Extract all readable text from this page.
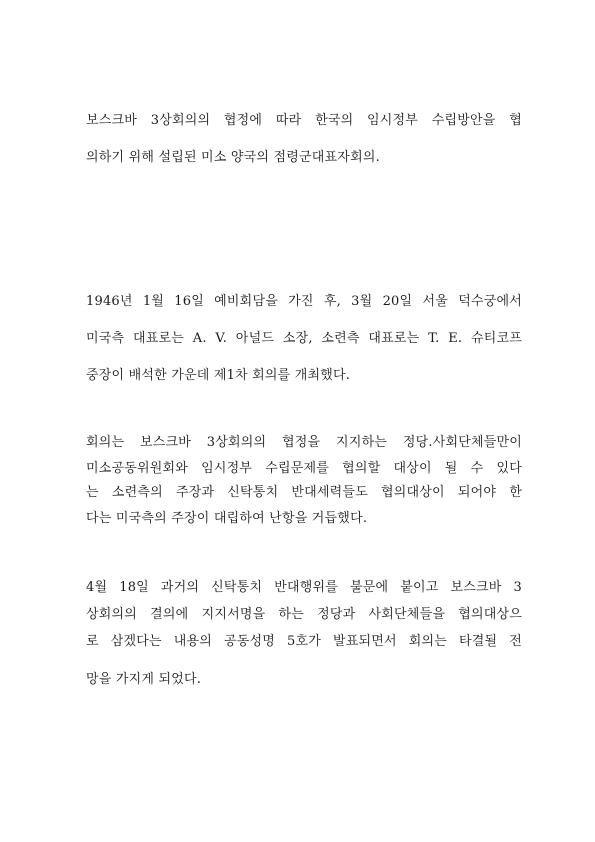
보스크바 3상회의의 협정에 따라 한국의 임시정부 수립방안을 협
의하기 위해 설립된 미소 양국의 점령군대표자회의.
1946년 1월 16일 예비회담을 가진 후, 3월 20일 서울 덕수궁에서
미국측 대표로는 A. V. 아널드 소장, 소련측 대표로는 T. E. 슈티코프
중장이 배석한 가운데 제1차 회의를 개최했다.
회의는 보스크바 3상회의의 협정을 지지하는 정당.사회단체들만이
미소공동위원회와 임시정부 수립문제를 협의할 대상이 될 수 있다
는 소련측의 주장과 신탁통치 반대세력들도 협의대상이 되어야 한
다는 미국측의 주장이 대립하여 난항을 거듭했다.
4월 18일 과거의 신탁통치 반대행위를 불문에 붙이고 보스크바 3
상회의의 결의에 지지서명을 하는 정당과 사회단체들을 협의대상으
로 삼겠다는 내용의 공동성명 5호가 발표되면서 회의는 타결될 전
망을 가지게 되었다.
